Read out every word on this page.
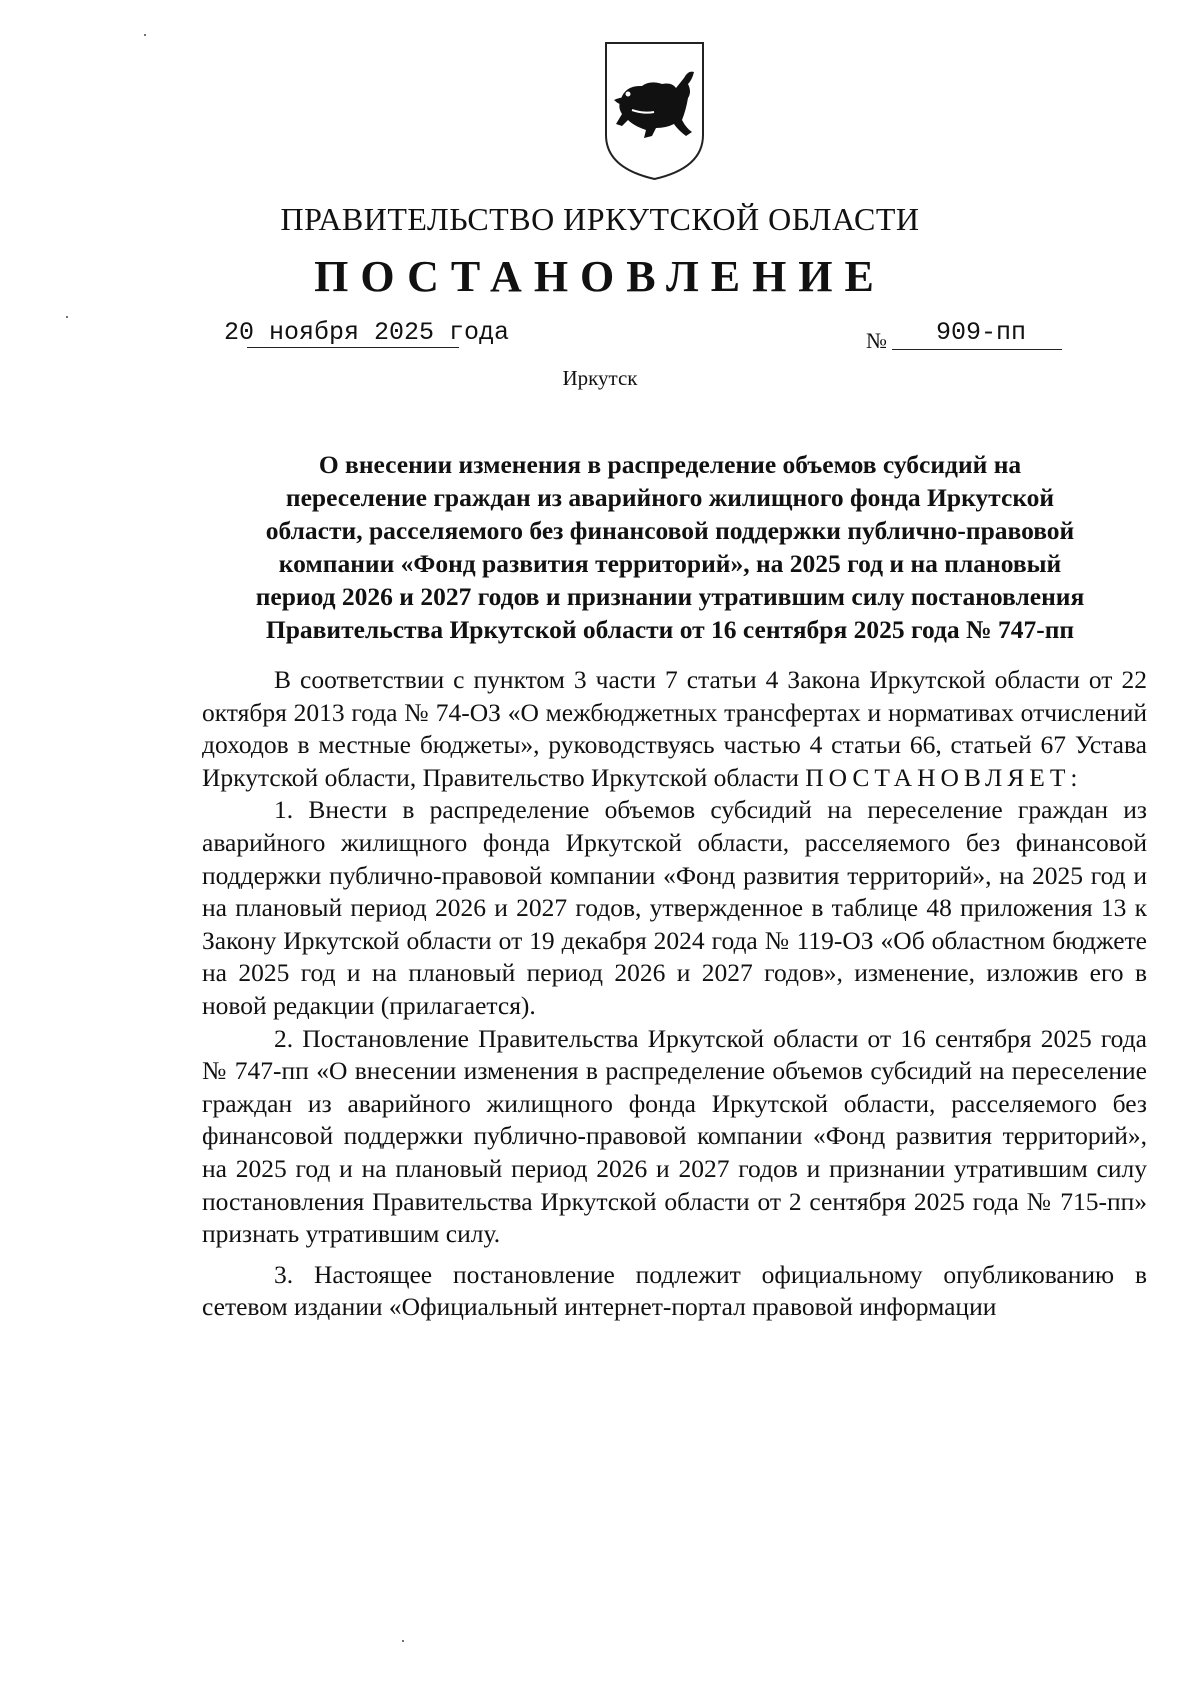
ПРАВИТЕЛЬСТВО ИРКУТСКОЙ ОБЛАСТИ
ПОСТАНОВЛЕНИЕ
20 ноября 2025 года	№ 909-пп
Иркутск
О внесении изменения в распределение объемов субсидий на
переселение граждан из аварийного жилищного фонда Иркутской
области, расселяемого без финансовой поддержки публично-правовой
компании «Фонд развития территорий», на 2025 год и на плановый
период 2026 и 2027 годов и признании утратившим силу постановления
Правительства Иркутской области от 16 сентября 2025 года № 747-пп

В соответствии с пунктом 3 части 7 статьи 4 Закона Иркутской области от 22 октября 2013 года № 74-ОЗ «О межбюджетных трансфертах и нормативах отчислений доходов в местные бюджеты», руководствуясь частью 4 статьи 66, статьей 67 Устава Иркутской области, Правительство Иркутской области ПОСТАНОВЛЯЕТ:

1. Внести в распределение объемов субсидий на переселение граждан из аварийного жилищного фонда Иркутской области, расселяемого без финансовой поддержки публично-правовой компании «Фонд развития территорий», на 2025 год и на плановый период 2026 и 2027 годов, утвержденное в таблице 48 приложения 13 к Закону Иркутской области от 19 декабря 2024 года № 119-ОЗ «Об областном бюджете на 2025 год и на плановый период 2026 и 2027 годов», изменение, изложив его в новой редакции (прилагается).

2. Постановление Правительства Иркутской области от 16 сентября 2025 года № 747-пп «О внесении изменения в распределение объемов субсидий на переселение граждан из аварийного жилищного фонда Иркутской области, расселяемого без финансовой поддержки публично-правовой компании «Фонд развития территорий», на 2025 год и на плановый период 2026 и 2027 годов и признании утратившим силу постановления Правительства Иркутской области от 2 сентября 2025 года № 715-пп» признать утратившим силу.

3. Настоящее постановление подлежит официальному опубликованию в сетевом издании «Официальный интернет-портал правовой информации
